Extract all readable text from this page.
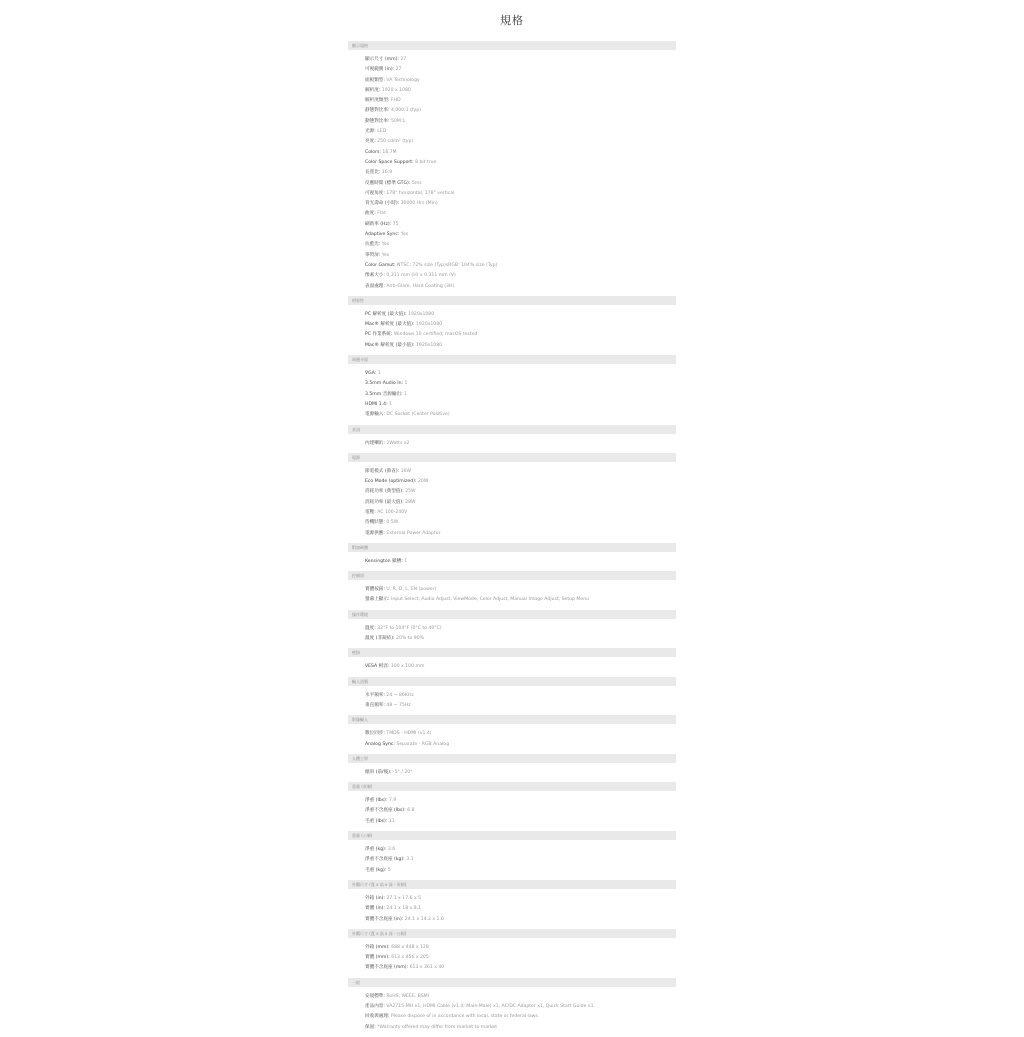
規格
顯示規格
顯示尺寸 (mm): 27
可視範圍 (in): 27
面板類型: VA Technology
解析度: 1920 x 1080
解析度類型: FHD
靜態對比率: 4,000:1 (typ)
動態對比率: 50M:1
光源: LED
亮度: 250 cd/m² (typ)
Colors: 16.7M
Color Space Support: 8 bit true
長寬比: 16:9
反應時間 (標準 GTG): 5ms
可視角度: 178° horizontal, 178° vertical
背光壽命 (小時): 30000 Hrs (Min)
曲度: Flat
刷新率 (Hz): 75
Adaptive Sync: Yes
抗藍光: Yes
零閃屏: Yes
Color Gamut: NTSC: 72% size (Typ)sRGB: 104% size (Typ)
像素大小: 0.311 mm (H) x 0.311 mm (V)
表面處理: Anti-Glare, Hard Coating (3H)
相容性
PC 解析度 (最大值): 1920x1080
Mac® 解析度 (最大值): 1920x1080
PC 作業系統: Windows 10 certified; macOS tested
Mac® 解析度 (最小值): 1920x1080
周邊介面
VGA: 1
3.5mm Audio In: 1
3.5mm 音源輸出: 1
HDMI 1.4: 1
電源輸入: DC Socket (Center Positive)
音訊
內建喇叭: 2Watts x2
電源
節電模式 (節省): 16W
Eco Mode (optimized): 20W
消耗功率 (典型值): 25W
消耗功率 (最大值): 28W
電壓: AC 100-240V
待機狀態: 0.5W
電源供應: External Power Adaptor
附加硬體
Kensington 鎖槽: 1
控制項
實體按鈕: U, R, D, L, EN (power)
螢幕上顯示: Input Select, Audio Adjust, ViewMode, Color Adjust, Manual Image Adjust, Setup Menu
操作環境
溫度: 32°F to 104°F (0°C to 40°C)
濕度 (非凝結): 20% to 90%
壁掛
VESA 相容: 100 x 100 mm
輸入訊號
水平頻率: 24 ~ 86KHz
垂直頻率: 48 ~ 75Hz
影像輸入
數位同步: TMDS - HDMI (v1.4)
Analog Sync: Separate - RGB Analog
人體工學
傾斜 (前/後): -5° / 20°
重量 (英制)
淨重 (lbs): 7.9
淨重不含底座 (lbs): 6.8
毛重 (lbs): 11
重量 (公制)
淨重 (kg): 3.6
淨重不含底座 (kg): 3.1
毛重 (kg): 5
外觀尺寸 (寬 x 高 x 深 - 英制)
外箱 (in): 27.1 x 17.6 x 5
實體 (in): 24.1 x 18 x 8.1
實體不含底座 (in): 24.1 x 14.2 x 1.6
外觀尺寸 (寬 x 高 x 深 - 公制)
外箱 (mm): 688 x 448 x 128
實體 (mm): 613 x 456 x 205
實體不含底座 (mm): 613 x 361 x 40
一般
安規標準: RoHS, WEEE, BSMI
產品內容: VA2715-MH x1, HDMI Cable (v1.4; Male-Male) x1, AC/DC Adapter x1, Quick Start Guide x1
回收與處理: Please dispose of in accordance with local, state or federal laws.
保固: *Warranty offered may differ from market to market
